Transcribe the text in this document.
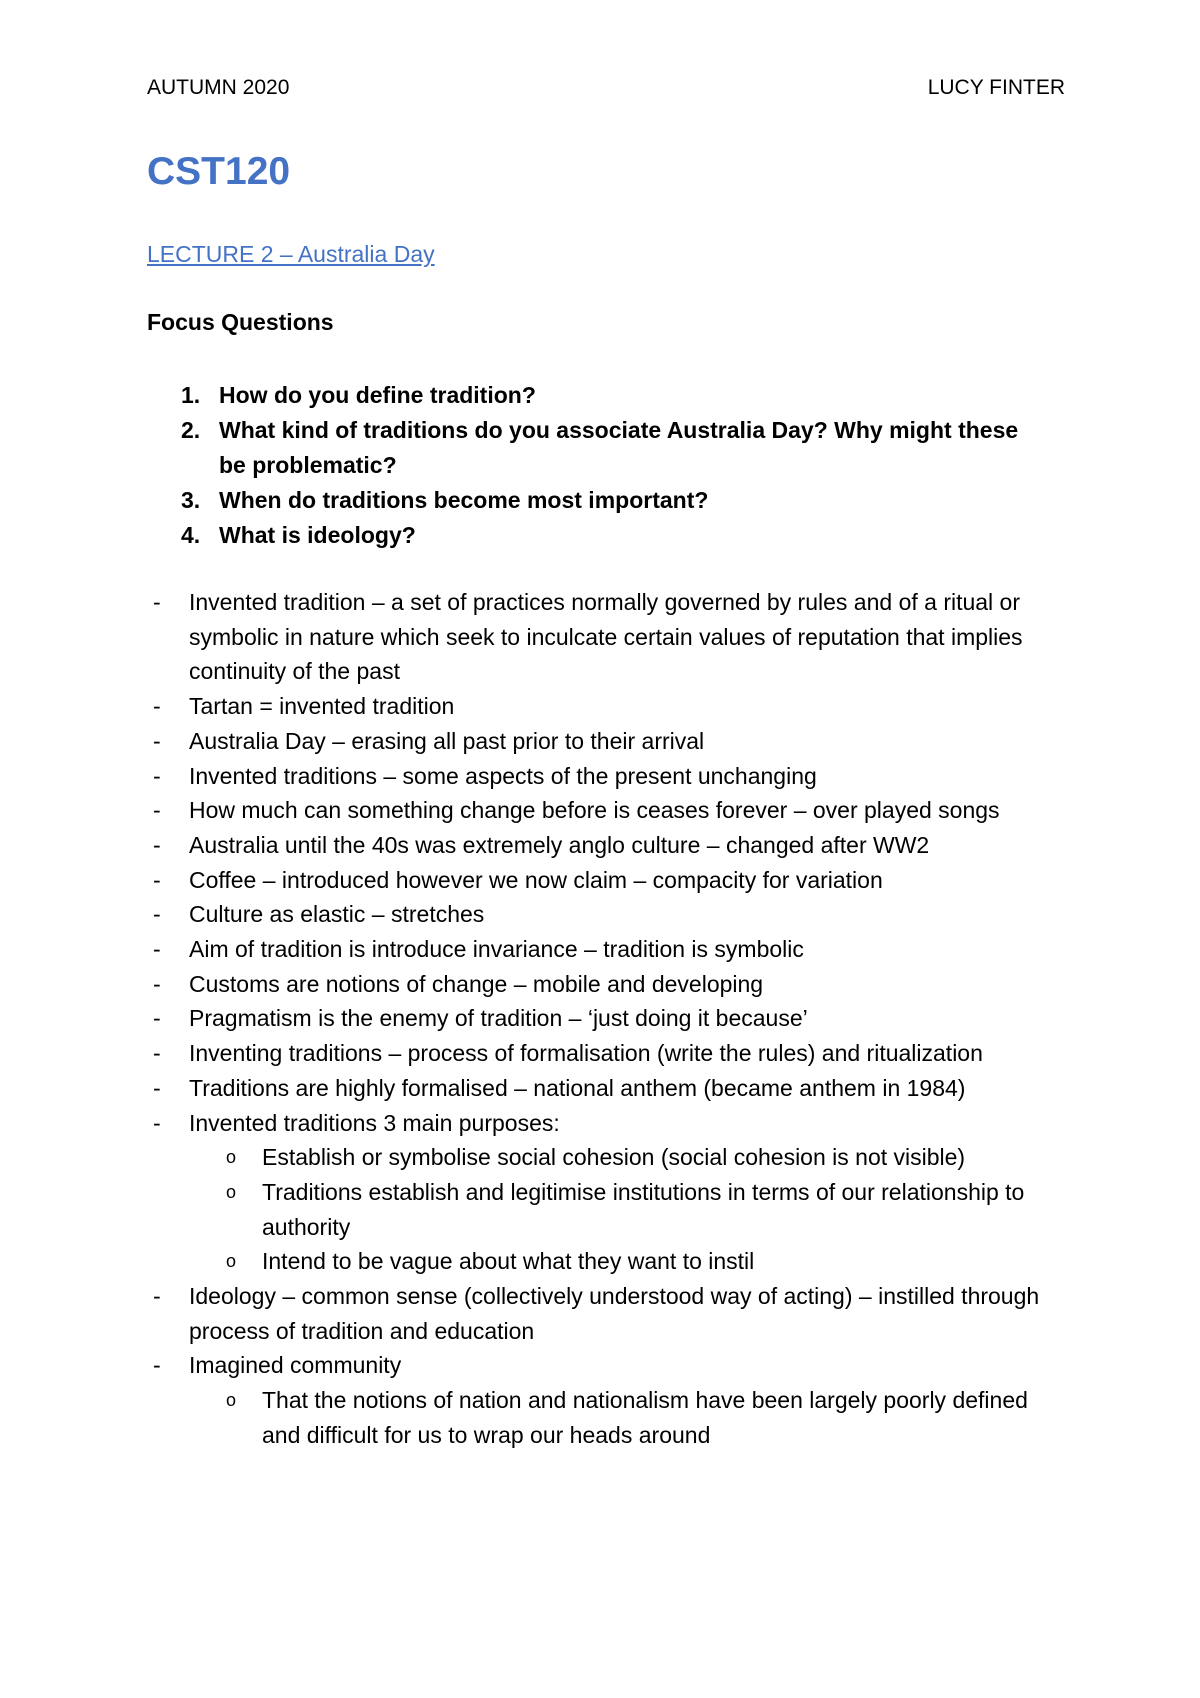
AUTUMN 2020	LUCY FINTER
CST120
LECTURE 2 – Australia Day
Focus Questions
1. How do you define tradition?
2. What kind of traditions do you associate Australia Day? Why might these be problematic?
3. When do traditions become most important?
4. What is ideology?
- Invented tradition – a set of practices normally governed by rules and of a ritual or symbolic in nature which seek to inculcate certain values of reputation that implies continuity of the past
- Tartan = invented tradition
- Australia Day – erasing all past prior to their arrival
- Invented traditions – some aspects of the present unchanging
- How much can something change before is ceases forever – over played songs
- Australia until the 40s was extremely anglo culture – changed after WW2
- Coffee – introduced however we now claim – compacity for variation
- Culture as elastic – stretches
- Aim of tradition is introduce invariance – tradition is symbolic
- Customs are notions of change – mobile and developing
- Pragmatism is the enemy of tradition – ‘just doing it because’
- Inventing traditions – process of formalisation (write the rules) and ritualization
- Traditions are highly formalised – national anthem (became anthem in 1984)
- Invented traditions 3 main purposes:
o Establish or symbolise social cohesion (social cohesion is not visible)
o Traditions establish and legitimise institutions in terms of our relationship to authority
o Intend to be vague about what they want to instil
- Ideology – common sense (collectively understood way of acting) – instilled through process of tradition and education
- Imagined community
o That the notions of nation and nationalism have been largely poorly defined and difficult for us to wrap our heads around
